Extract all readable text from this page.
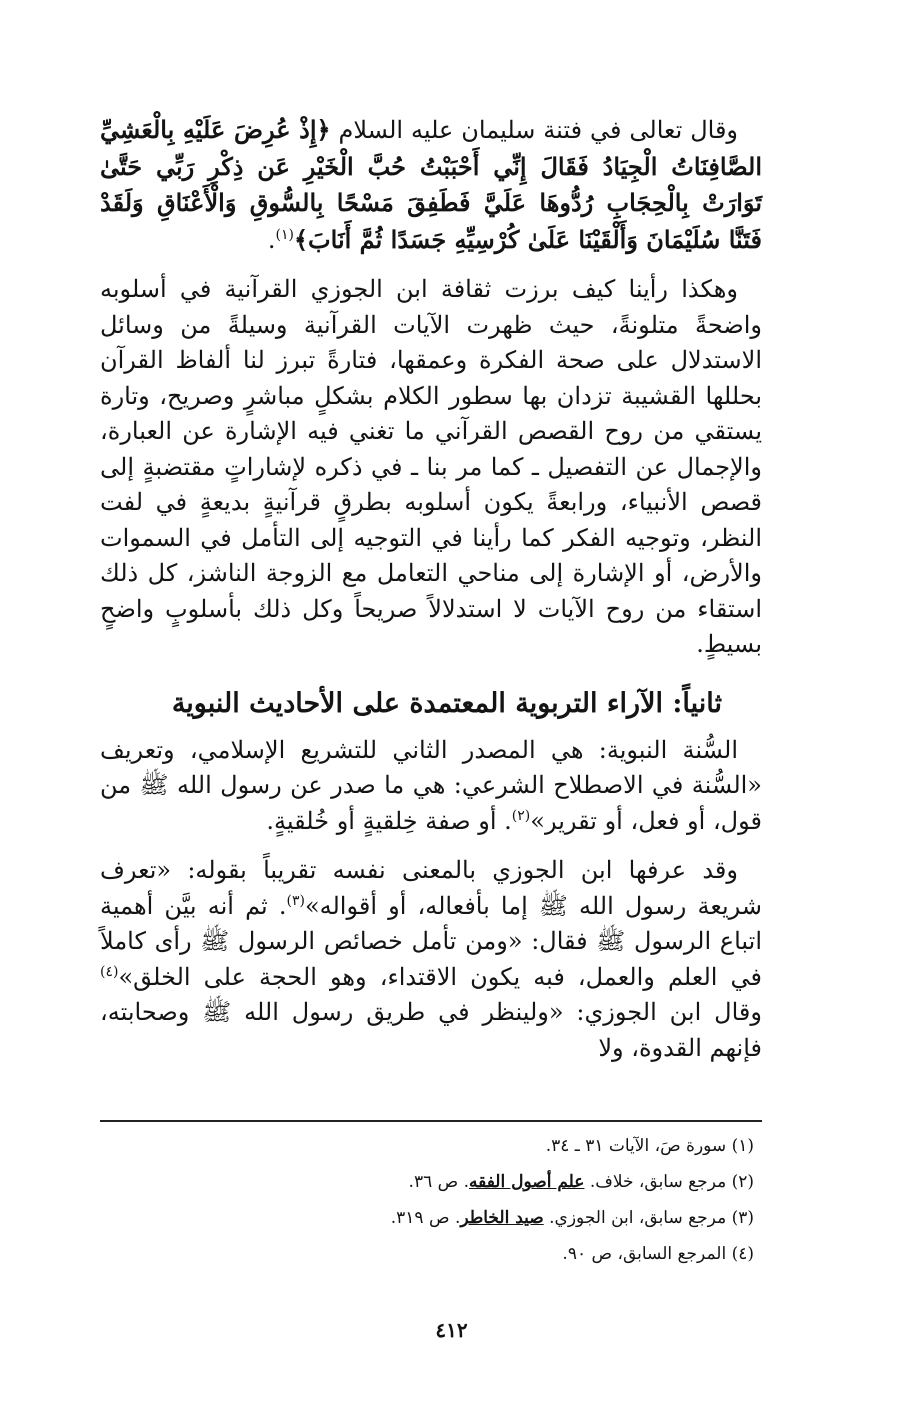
وقال تعالى في فتنة سليمان عليه السلام ﴿إِذْ عُرِضَ عَلَيْهِ بِالْعَشِيِّ الصَّافِنَاتُ الْجِيَادُ فَقَالَ إِنِّي أَحْبَبْتُ حُبَّ الْخَيْرِ عَن ذِكْرِ رَبِّي حَتَّىٰ تَوَارَتْ بِالْحِجَابِ رُدُّوهَا عَلَيَّ فَطَفِقَ مَسْحًا بِالسُّوقِ وَالْأَعْنَاقِ وَلَقَدْ فَتَنَّا سُلَيْمَانَ وَأَلْقَيْنَا عَلَىٰ كُرْسِيِّهِ جَسَدًا ثُمَّ أَنَابَ﴾$^{(١)}$.

وهكذا رأينا كيف برزت ثقافة ابن الجوزي القرآنية في أسلوبه واضحةً متلونةً، حيث ظهرت الآيات القرآنية وسيلةً من وسائل الاستدلال على صحة الفكرة وعمقها، فتارةً تبرز لنا ألفاظ القرآن بحللها القشيبة تزدان بها سطور الكلام بشكلٍ مباشرٍ وصريح، وتارة يستقي من روح القصص القرآني ما تغني فيه الإشارة عن العبارة، والإجمال عن التفصيل ـ كما مر بنا ـ في ذكره لإشاراتٍ مقتضبةٍ إلى قصص الأنبياء، ورابعةً يكون أسلوبه بطرقٍ قرآنيةٍ بديعةٍ في لفت النظر، وتوجيه الفكر كما رأينا في التوجيه إلى التأمل في السموات والأرض، أو الإشارة إلى مناحي التعامل مع الزوجة الناشز، كل ذلك استقاء من روح الآيات لا استدلالاً صريحاً وكل ذلك بأسلوبٍ واضحٍ بسيطٍ.

ثانياً: الآراء التربوية المعتمدة على الأحاديث النبوية

السُّنة النبوية: هي المصدر الثاني للتشريع الإسلامي، وتعريف «السُّنة في الاصطلاح الشرعي: هي ما صدر عن رسول الله ﷺ من قول، أو فعل، أو تقرير»$^{(٢)}$. أو صفة خِلقيةٍ أو خُلقيةٍ.

وقد عرفها ابن الجوزي بالمعنى نفسه تقريباً بقوله: «تعرف شريعة رسول الله ﷺ إما بأفعاله، أو أقواله»$^{(٣)}$. ثم أنه بيَّن أهمية اتباع الرسول ﷺ فقال: «ومن تأمل خصائص الرسول ﷺ رأى كاملاً في العلم والعمل، فبه يكون الاقتداء، وهو الحجة على الخلق»$^{(٤)}$ وقال ابن الجوزي: «ولينظر في طريق رسول الله ﷺ وصحابته، فإنهم القدوة، ولا

(١) سورة صَ، الآيات ٣١ ـ ٣٤.

(٢) مرجع سابق، خلاف. علم أصول الفقه. ص ٣٦.

(٣) مرجع سابق، ابن الجوزي. صيد الخاطر. ص ٣١٩.

(٤) المرجع السابق، ص ٩٠.

٤١٢
